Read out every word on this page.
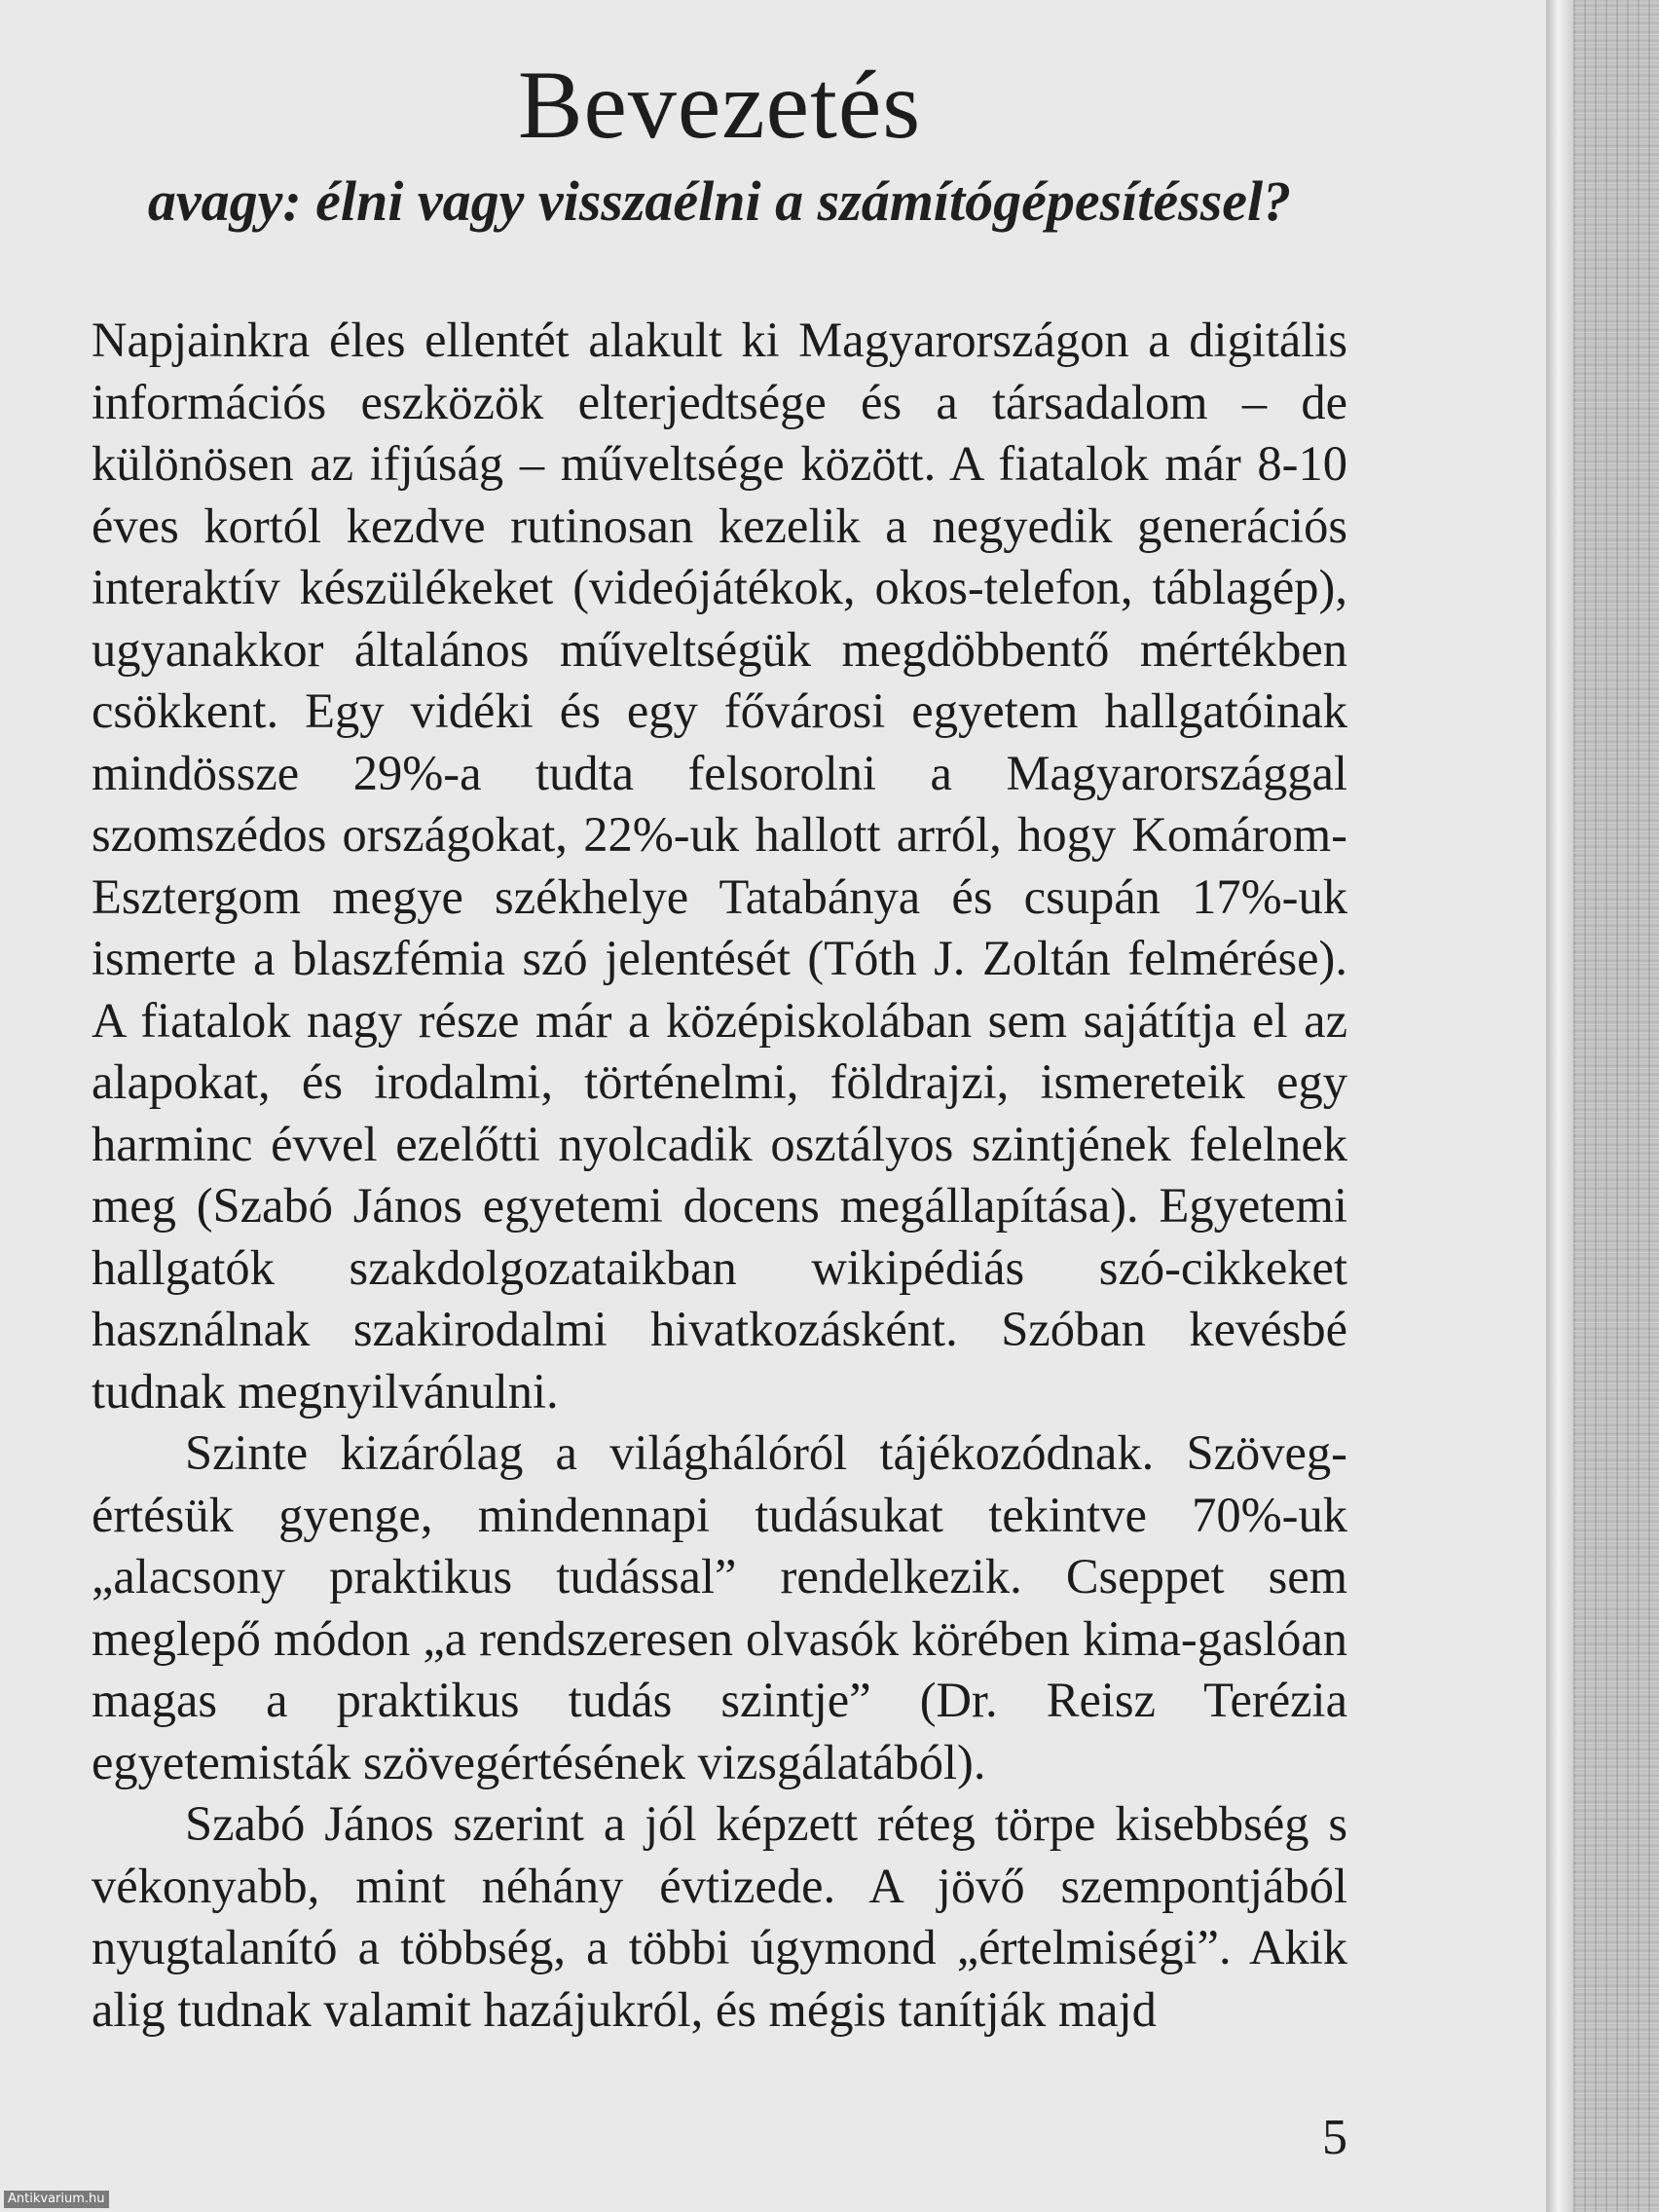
Bevezetés
avagy: élni vagy visszaélni a számítógépesítéssel?

Napjainkra éles ellentét alakult ki Magyarországon a digitális információs eszközök elterjedtsége és a társadalom – de különösen az ifjúság – műveltsége között. A fiatalok már 8-10 éves kortól kezdve rutinosan kezelik a negyedik generációs interaktív készülékeket (videójátékok, okos-telefon, táblagép), ugyanakkor általános műveltségük megdöbbentő mértékben csökkent. Egy vidéki és egy fővárosi egyetem hallgatóinak mindössze 29%-a tudta felsorolni a Magyarországgal szomszédos országokat, 22%-uk hallott arról, hogy Komárom-Esztergom megye székhelye Tatabánya és csupán 17%-uk ismerte a blaszfémia szó jelentését (Tóth J. Zoltán felmérése). A fiatalok nagy része már a középiskolában sem sajátítja el az alapokat, és irodalmi, történelmi, földrajzi, ismereteik egy harminc évvel ezelőtti nyolcadik osztályos szintjének felelnek meg (Szabó János egyetemi docens megállapítása). Egyetemi hallgatók szakdolgozataikban wikipédiás szó-cikkeket használnak szakirodalmi hivatkozásként. Szóban kevésbé tudnak megnyilvánulni.

Szinte kizárólag a világhálóról tájékozódnak. Szöveg-értésük gyenge, mindennapi tudásukat tekintve 70%-uk „alacsony praktikus tudással” rendelkezik. Cseppet sem meglepő módon „a rendszeresen olvasók körében kima-gaslóan magas a praktikus tudás szintje” (Dr. Reisz Terézia egyetemisták szövegértésének vizsgálatából).

Szabó János szerint a jól képzett réteg törpe kisebbség s vékonyabb, mint néhány évtizede. A jövő szempontjából nyugtalanító a többség, a többi úgymond „értelmiségi”. Akik alig tudnak valamit hazájukról, és mégis tanítják majd

5
Antikvarium.hu
